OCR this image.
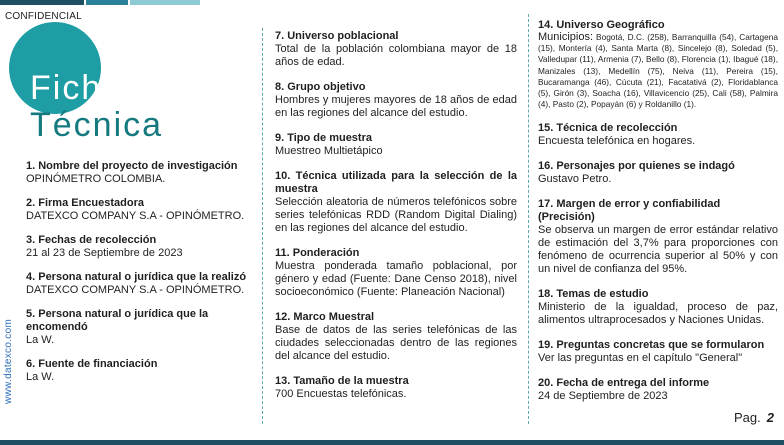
CONFIDENCIAL
Ficha
Técnica
www.datexco.com
1. Nombre del proyecto de investigación
OPINÓMETRO COLOMBIA.
2. Firma Encuestadora
DATEXCO COMPANY S.A - OPINÓMETRO.
3. Fechas de recolección
21 al 23 de Septiembre de 2023
4. Persona natural o jurídica que la realizó
DATEXCO COMPANY S.A - OPINÓMETRO.
5. Persona natural o jurídica que la encomendó
La W.
6. Fuente de financiación
La W.
7. Universo poblacional
Total de la población colombiana mayor de 18 años de edad.
8. Grupo objetivo
Hombres y mujeres mayores de 18 años de edad en las regiones del alcance del estudio.
9. Tipo de muestra
Muestreo Multietápico
10. Técnica utilizada para la selección de la muestra
Selección aleatoria de números telefónicos sobre series telefónicas RDD (Random Digital Dialing) en las regiones del alcance del estudio.
11. Ponderación
Muestra ponderada tamaño poblacional, por género y edad (Fuente: Dane Censo 2018), nivel socioeconómico (Fuente: Planeación Nacional)
12. Marco Muestral
Base de datos de las series telefónicas de las ciudades seleccionadas dentro de las regiones del alcance del estudio.
13. Tamaño de la muestra
700 Encuestas telefónicas.
14. Universo Geográfico
Municipios: Bogotá, D.C. (258), Barranquilla (54), Cartagena (15), Montería (4), Santa Marta (8), Sincelejo (8), Soledad (5), Valledupar (11), Armenia (7), Bello (8), Florencia (1), Ibagué (18), Manizales (13), Medellín (75), Neiva (11), Pereira (15), Bucaramanga (46), Cúcuta (21), Facatativá (2), Floridablanca (5), Girón (3), Soacha (16), Villavicencio (25), Cali (58), Palmira (4), Pasto (2), Popayán (6) y Roldanillo (1).
15. Técnica de recolección
Encuesta telefónica en hogares.
16. Personajes por quienes se indagó
Gustavo Petro.
17. Margen de error y confiabilidad (Precisión)
Se observa un margen de error estándar relativo de estimación del 3,7% para proporciones con fenómeno de ocurrencia superior al 50% y con un nivel de confianza del 95%.
18. Temas de estudio
Ministerio de la igualdad, proceso de paz, alimentos ultraprocesados y Naciones Unidas.
19. Preguntas concretas que se formularon
Ver las preguntas en el capítulo "General"
20. Fecha de entrega del informe
24 de Septiembre de 2023
Pag. 2
